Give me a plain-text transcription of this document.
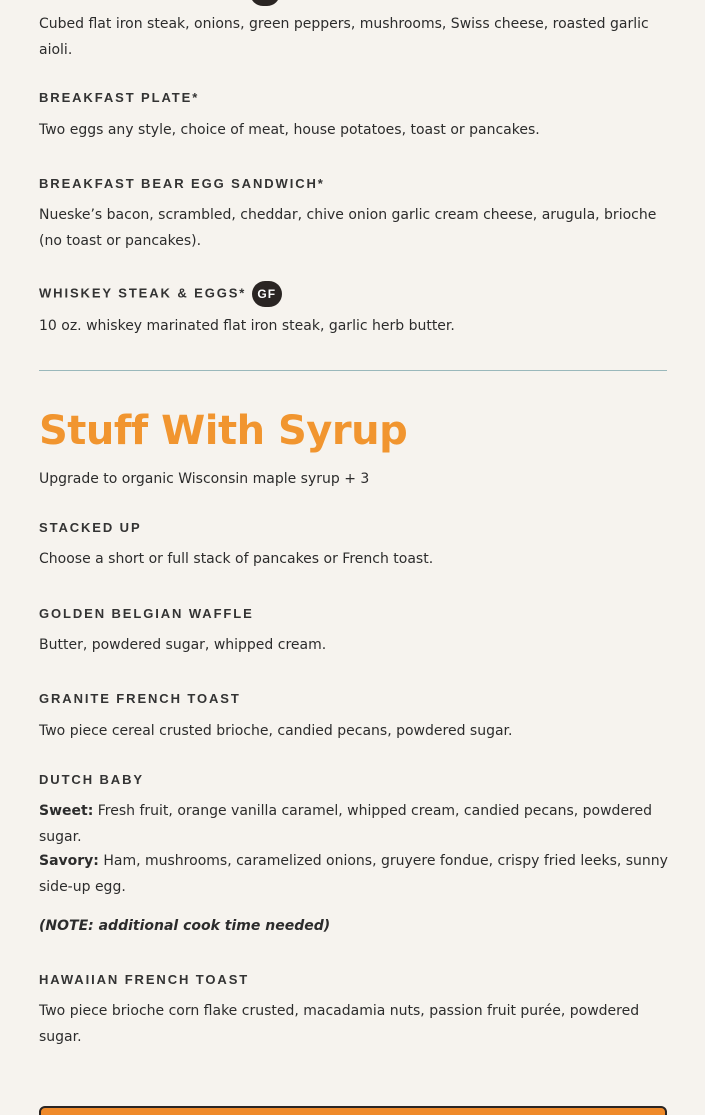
Cubed flat iron steak, onions, green peppers, mushrooms, Swiss cheese, roasted garlic aioli.

BREAKFAST PLATE*

Two eggs any style, choice of meat, house potatoes, toast or pancakes.

BREAKFAST BEAR EGG SANDWICH*

Nueske’s bacon, scrambled, cheddar, chive onion garlic cream cheese, arugula, brioche (no toast or pancakes).

WHISKEY STEAK & EGGS* GF

10 oz. whiskey marinated flat iron steak, garlic herb butter.

Stuff With Syrup

Upgrade to organic Wisconsin maple syrup + 3

STACKED UP

Choose a short or full stack of pancakes or French toast.

GOLDEN BELGIAN WAFFLE

Butter, powdered sugar, whipped cream.

GRANITE FRENCH TOAST

Two piece cereal crusted brioche, candied pecans, powdered sugar.

DUTCH BABY

Sweet: Fresh fruit, orange vanilla caramel, whipped cream, candied pecans, powdered sugar.

Savory: Ham, mushrooms, caramelized onions, gruyere fondue, crispy fried leeks, sunny side-up egg.

(NOTE: additional cook time needed)

HAWAIIAN FRENCH TOAST

Two piece brioche corn flake crusted, macadamia nuts, passion fruit purée, powdered sugar.
